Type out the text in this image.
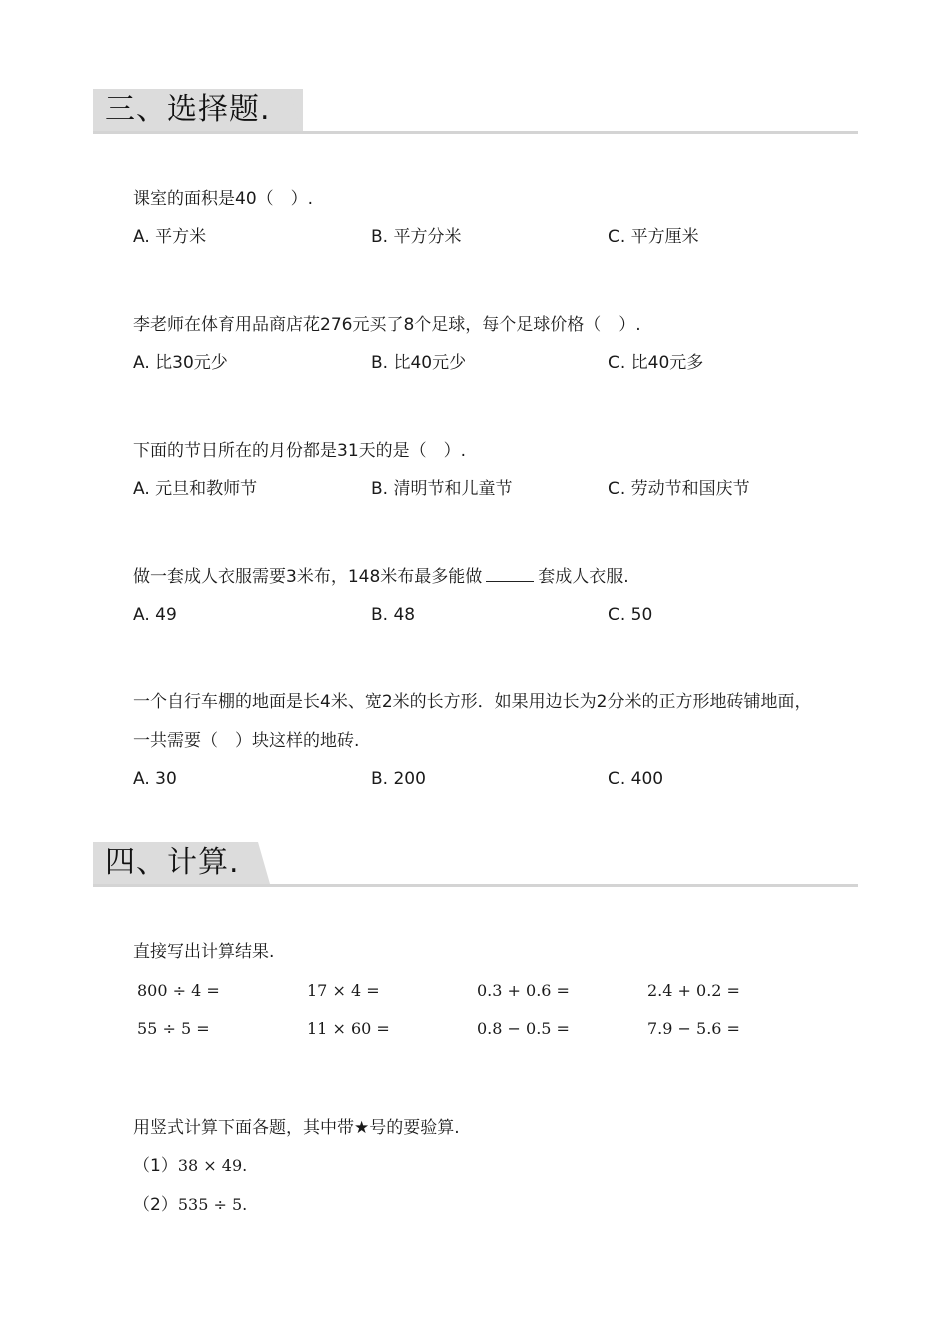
三、选择题.
课室的面积是40（　）.
A. 平方米	B. 平方分米	C. 平方厘米
李老师在体育用品商店花276元买了8个足球，每个足球价格（　）.
A. 比30元少	B. 比40元少	C. 比40元多
下面的节日所在的月份都是31天的是（　）.
A. 元旦和教师节	B. 清明节和儿童节	C. 劳动节和国庆节
做一套成人衣服需要3米布，148米布最多能做	套成人衣服.
A. 49	B. 48	C. 50
一个自行车棚的地面是长4米、宽2米的长方形．如果用边长为2分米的正方形地砖铺地面，
一共需要（　）块这样的地砖.
A. 30	B. 200	C. 400
四、计算.
直接写出计算结果.
800 ÷ 4 =	17 × 4 =	0.3 + 0.6 =	2.4 + 0.2 =
55 ÷ 5 =	11 × 60 =	0.8 − 0.5 =	7.9 − 5.6 =
用竖式计算下面各题，其中带★号的要验算.
（1）38 × 49.
（2）535 ÷ 5.
